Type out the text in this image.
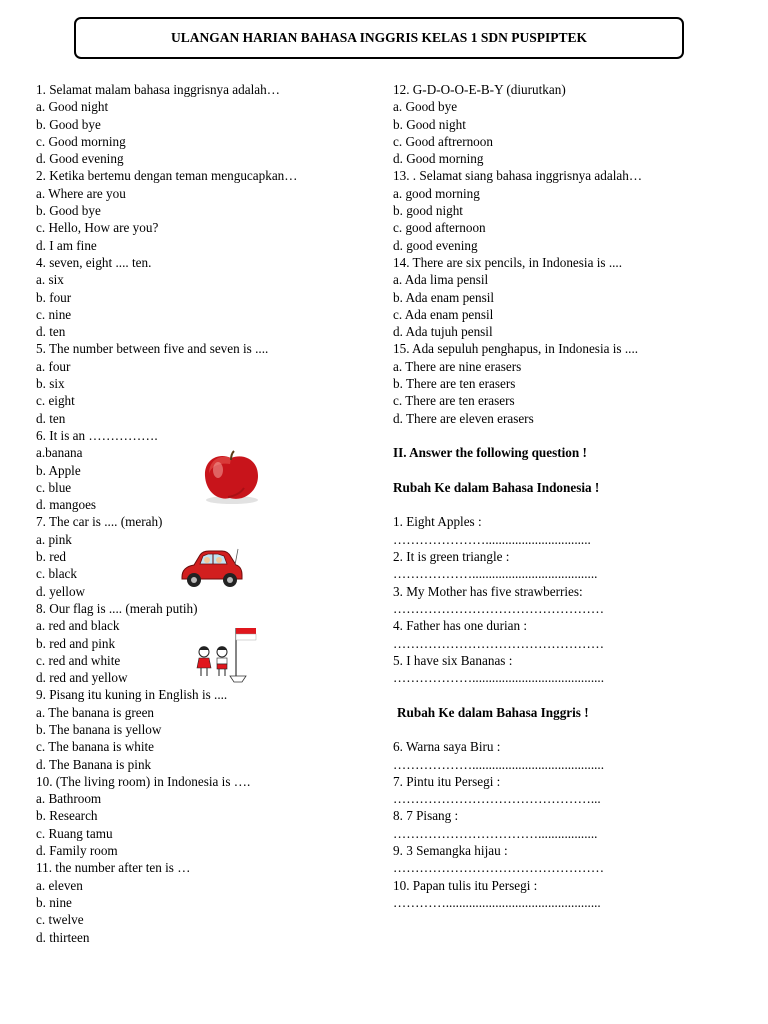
ULANGAN HARIAN BAHASA INGGRIS KELAS 1 SDN PUSPIPTEK
1. Selamat malam bahasa inggrisnya adalah…
a. Good night
b. Good bye
c. Good morning
d. Good evening
2. Ketika bertemu dengan teman mengucapkan…
a. Where are you
b. Good bye
c. Hello, How are you?
d. I am fine
4. seven, eight .... ten.
a. six
b. four
c. nine
d. ten
5. The number between five and seven is ....
a. four
b. six
c. eight
d. ten
6. It is an …………….
a.banana
b. Apple
c. blue
d. mangoes
7. The car is .... (merah)
a. pink
b. red
c. black
d. yellow
8. Our flag is .... (merah putih)
a. red and black
b. red and pink
c. red and white
d. red and yellow
9. Pisang itu kuning in English is ....
a. The banana is green
b. The banana is yellow
c. The banana is white
d. The Banana is pink
10. (The living room) in Indonesia is ….
a. Bathroom
b. Research
c. Ruang tamu
d. Family room
11. the number after ten is …
a. eleven
b. nine
c. twelve
d. thirteen
12. G-D-O-O-E-B-Y (diurutkan)
a. Good bye
b. Good night
c. Good aftrernoon
d. Good morning
13. . Selamat siang bahasa inggrisnya adalah…
a. good morning
b. good night
c. good afternoon
d. good evening
14. There are six pencils, in Indonesia is ....
a. Ada lima pensil
b. Ada enam pensil
c. Ada enam pensil
d. Ada tujuh pensil
15. Ada sepuluh penghapus, in Indonesia is ....
a. There are nine erasers
b. There are ten erasers
c. There are ten erasers
d. There are eleven erasers
II. Answer the following question !
Rubah Ke dalam Bahasa Indonesia !
1. Eight Apples :
…………………................................
2. It is green triangle :
………………......................................
3. My Mother has five strawberries:
…………………………………………
4. Father has one durian :
…………………………………………
5. I have six Bananas :
………………........................................
Rubah Ke dalam Bahasa Inggris !
6. Warna saya Biru :
………………........................................
7. Pintu itu Persegi :
………………………………………...
8. 7 Pisang :
……………………………..................
9. 3 Semangka hijau :
…………………………………………
10. Papan tulis itu Persegi :
…………...............................................
